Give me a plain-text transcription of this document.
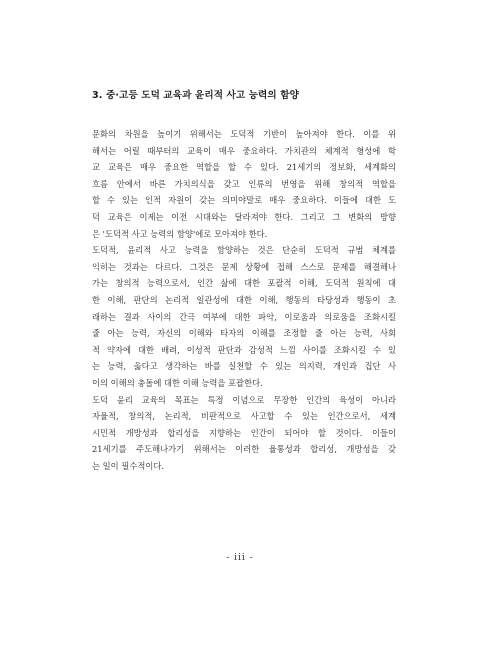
3. 중·고등 도덕 교육과 윤리적 사고 능력의 함양

문화의 차원을 높이기 위해서는 도덕적 기반이 높아져야 한다. 이를 위
해서는 어릴 때부터의 교육이 매우 중요하다. 가치관의 체계적 형성에 학
교 교육은 매우 중요한 역할을 할 수 있다. 21세기의 정보화, 세계화의
흐름 안에서 바른 가치의식을 갖고 인류의 번영을 위해 창의적 역할을
할 수 있는 인적 자원이 갖는 의미야말로 매우 중요하다. 이들에 대한 도
덕 교육은 이제는 이전 시대와는 달라져야 한다. 그리고 그 변화의 방향
은 '도덕적 사고 능력의 함양'에로 모아져야 한다.

도덕적, 윤리적 사고 능력을 함양하는 것은 단순히 도덕적 규범 체계를
익히는 것과는 다르다. 그것은 문제 상황에 접해 스스로 문제를 해결해나
가는 창의적 능력으로서, 인간 삶에 대한 포괄적 이해, 도덕적 원칙에 대
한 이해, 판단의 논리적 일관성에 대한 이해, 행동의 타당성과 행동이 초
래하는 결과 사이의 간극 여부에 대한 파악, 이로움과 의로움을 조화시킬
줄 아는 능력, 자신의 이해와 타자의 이해를 조정할 줄 아는 능력, 사회
적 약자에 대한 배려, 이성적 판단과 감성적 느낌 사이를 조화시킬 수 있
는 능력, 옳다고 생각하는 바를 실천할 수 있는 의지력, 개인과 집단 사
이의 이해의 충돌에 대한 이해 능력을 포괄한다.

도덕 윤리 교육의 목표는 특정 이념으로 무장한 인간의 육성이 아니라
자율적, 창의적, 논리적, 비판적으로 사고할 수 있는 인간으로서, 세계
시민적 개방성과 합리성을 지향하는 인간이 되어야 할 것이다. 이들이
21세기를 주도해나가기 위해서는 이러한 율통성과 합리성, 개방성을 갖
는 일이 필수적이다.

- iii -
